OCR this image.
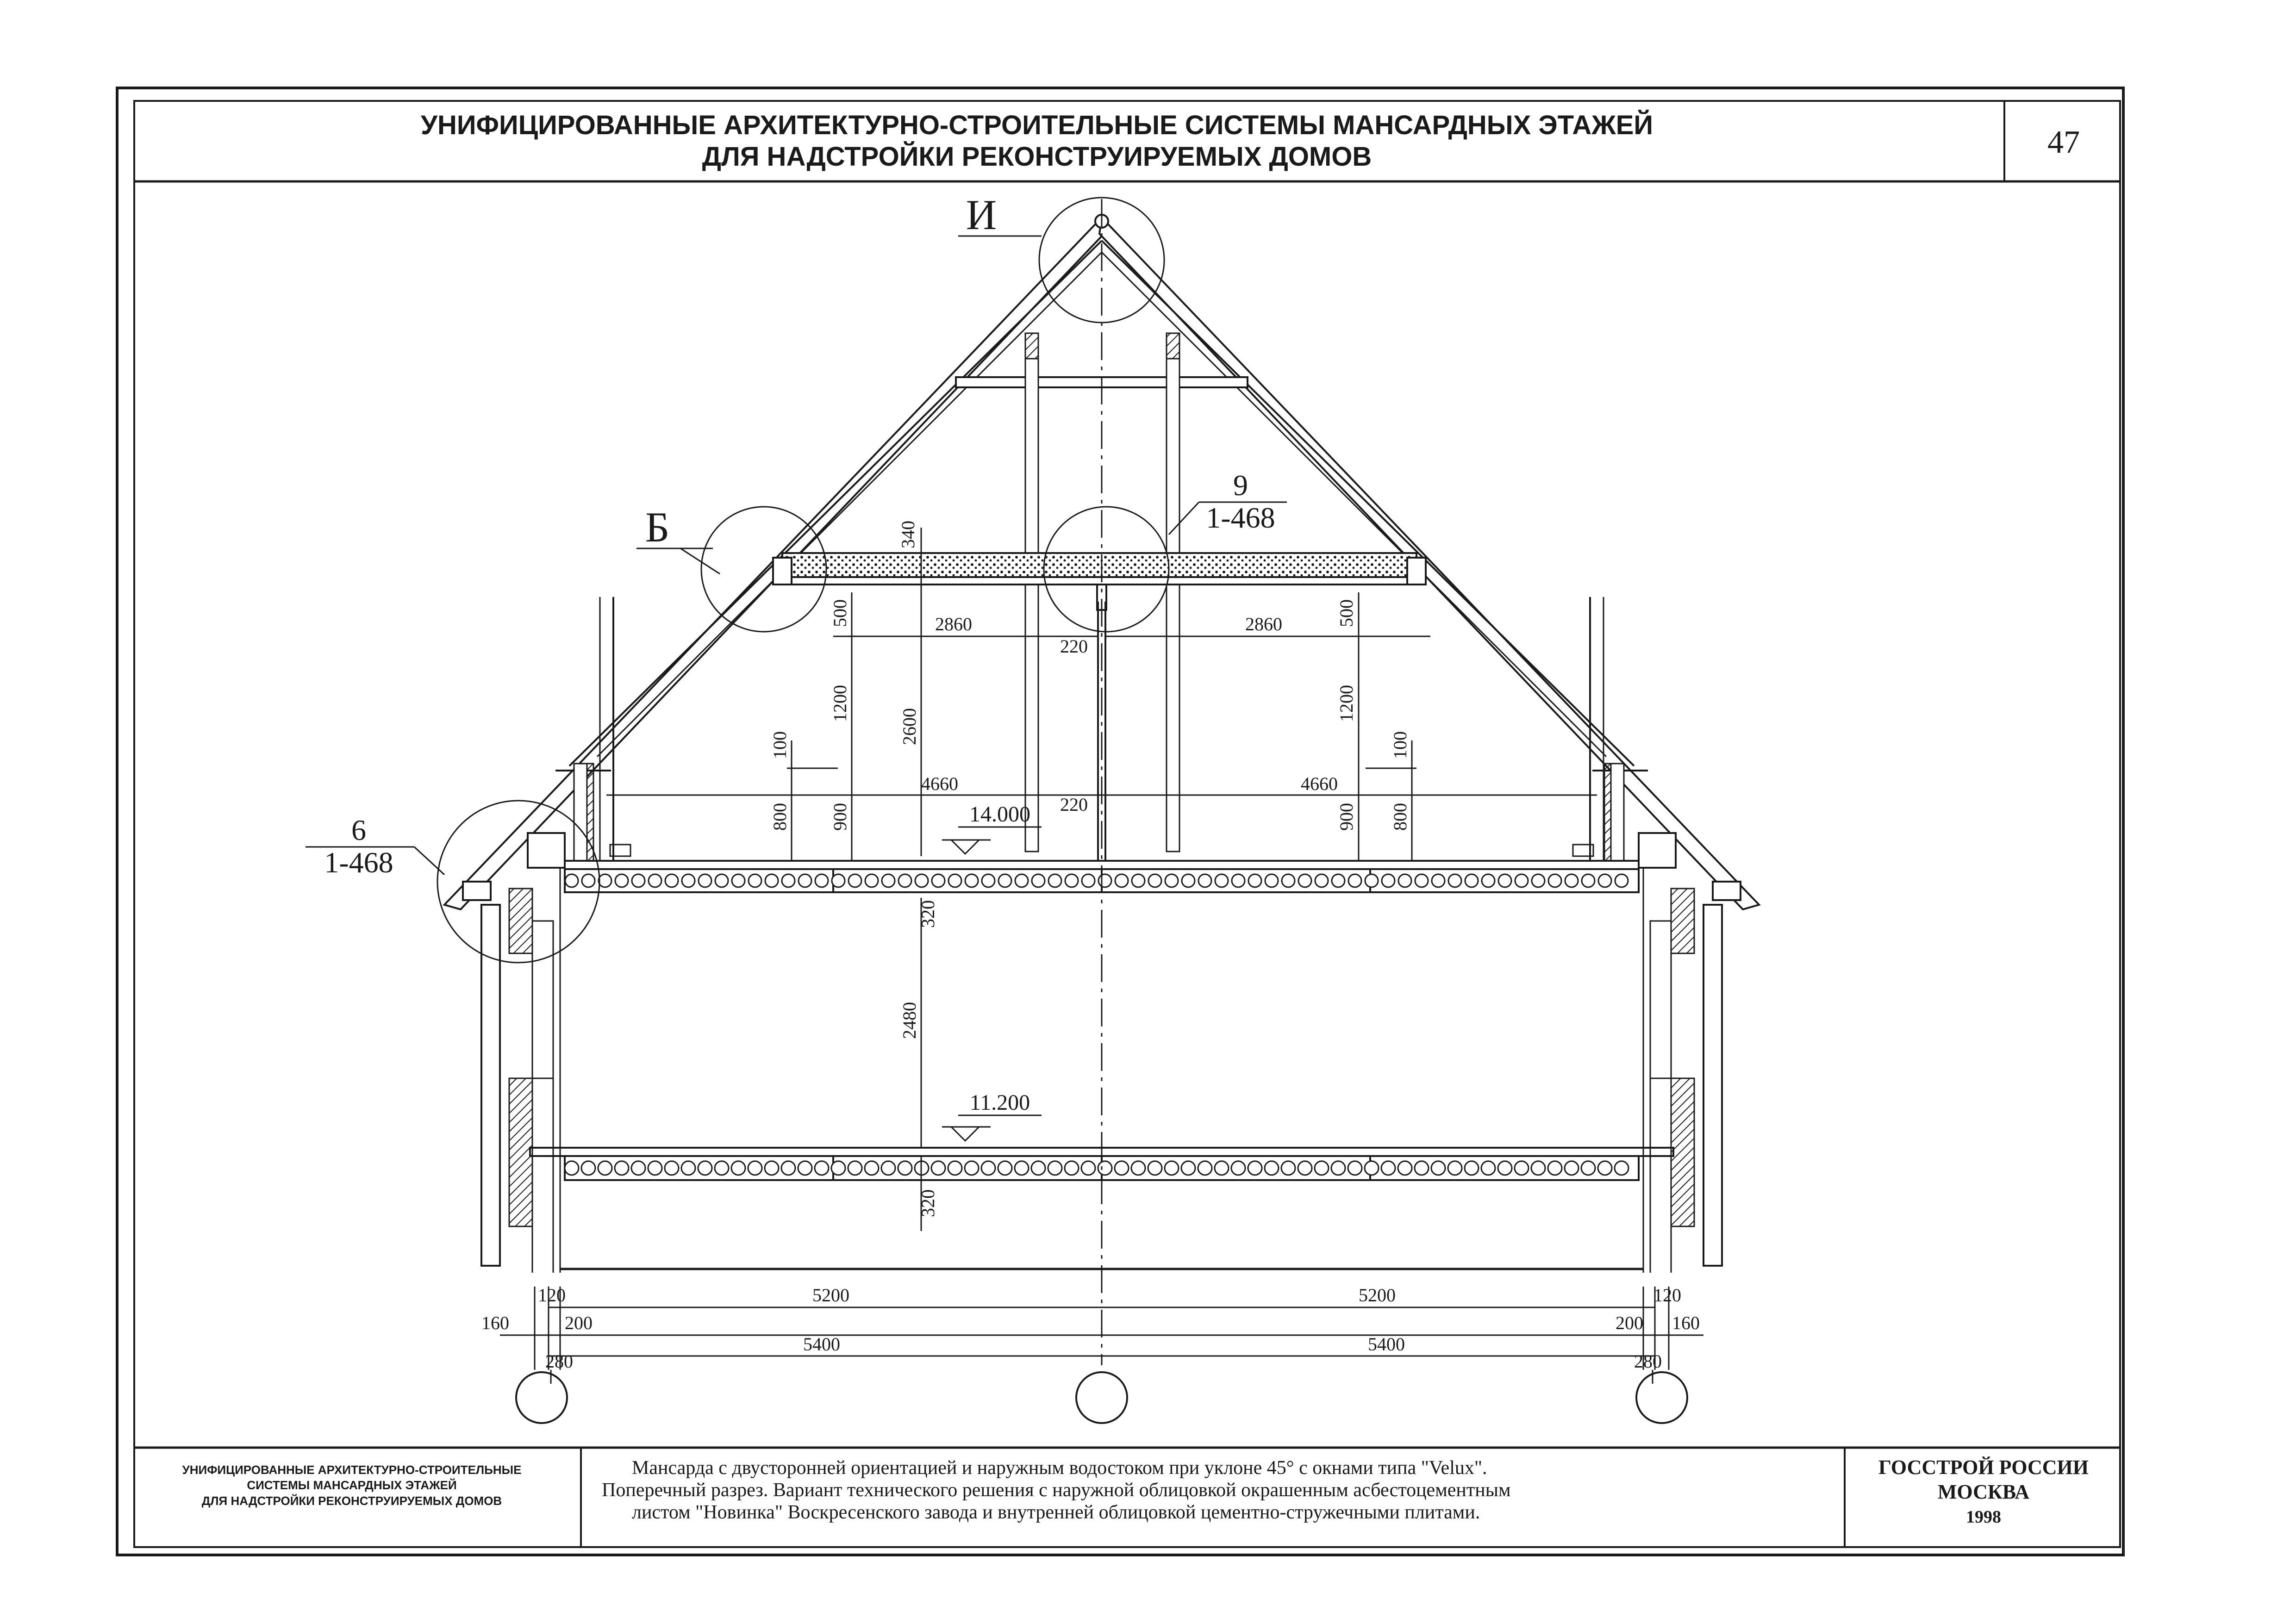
УНИФИЦИРОВАННЫЕ АРХИТЕКТУРНО-СТРОИТЕЛЬНЫЕ СИСТЕМЫ МАНСАРДНЫХ ЭТАЖЕЙ
ДЛЯ НАДСТРОЙКИ РЕКОНСТРУИРУЕМЫХ ДОМОВ	47
И
Б
9
1-468
6
1-468
14.000
11.200
340
500	500
2860	2860
220
1200	1200
2600
100	100
4660	4660
220
800 900	900 800
320
2480
320
120
200
5200	5200
200
120
160	160
5400	5400
280	280
УНИФИЦИРОВАННЫЕ АРХИТЕКТУРНО-СТРОИТЕЛЬНЫЕ
СИСТЕМЫ МАНСАРДНЫХ ЭТАЖЕЙ
ДЛЯ НАДСТРОЙКИ РЕКОНСТРУИРУЕМЫХ ДОМОВ
Мансарда с двусторонней ориентацией и наружным водостоком при уклоне 45° с окнами типа "Velux".
Поперечный разрез. Вариант технического решения с наружной облицовкой окрашенным асбестоцементным
листом "Новинка" Воскресенского завода и внутренней облицовкой цементно-стружечными плитами.
ГОССТРОЙ РОССИИ
МОСКВА
1998
